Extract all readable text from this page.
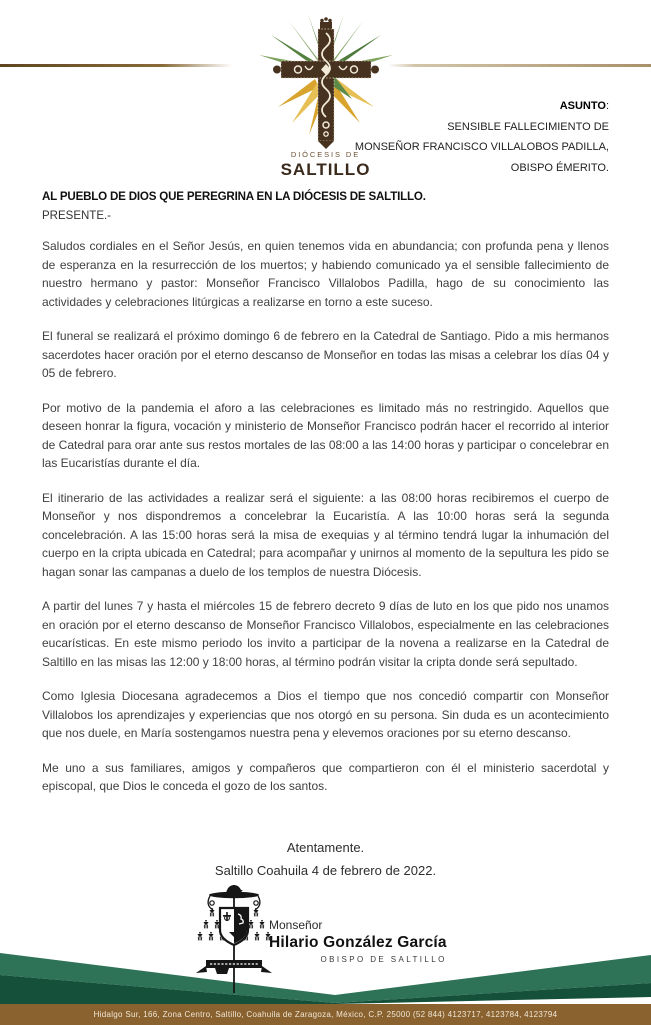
DIÓCESIS DE
SALTILLO
ASUNTO:
SENSIBLE FALLECIMIENTO DE
MONSEÑOR FRANCISCO VILLALOBOS PADILLA,
OBISPO ÉMERITO.
AL PUEBLO DE DIOS QUE PEREGRINA EN LA DIÓCESIS DE SALTILLO.
PRESENTE.-

Saludos cordiales en el Señor Jesús, en quien tenemos vida en abundancia; con profunda pena y llenos de esperanza en la resurrección de los muertos; y habiendo comunicado ya el sensible fallecimiento de nuestro hermano y pastor: Monseñor Francisco Villalobos Padilla, hago de su conocimiento las actividades y celebraciones litúrgicas a realizarse en torno a este suceso.

El funeral se realizará el próximo domingo 6 de febrero en la Catedral de Santiago. Pido a mis hermanos sacerdotes hacer oración por el eterno descanso de Monseñor en todas las misas a celebrar los días 04 y 05 de febrero.

Por motivo de la pandemia el aforo a las celebraciones es limitado más no restringido. Aquellos que deseen honrar la figura, vocación y ministerio de Monseñor Francisco podrán hacer el recorrido al interior de Catedral para orar ante sus restos mortales de las 08:00 a las 14:00 horas y participar o concelebrar en las Eucaristías durante el día.

El itinerario de las actividades a realizar será el siguiente: a las 08:00 horas recibiremos el cuerpo de Monseñor y nos dispondremos a concelebrar la Eucaristía. A las 10:00 horas será la segunda concelebración. A las 15:00 horas será la misa de exequias y al término tendrá lugar la inhumación del cuerpo en la cripta ubicada en Catedral; para acompañar y unirnos al momento de la sepultura les pido se hagan sonar las campanas a duelo de los templos de nuestra Diócesis.

A partir del lunes 7 y hasta el miércoles 15 de febrero decreto 9 días de luto en los que pido nos unamos en oración por el eterno descanso de Monseñor Francisco Villalobos, especialmente en las celebraciones eucarísticas. En este mismo periodo los invito a participar de la novena a realizarse en la Catedral de Saltillo en las misas las 12:00 y 18:00 horas, al término podrán visitar la cripta donde será sepultado.

Como Iglesia Diocesana agradecemos a Dios el tiempo que nos concedió compartir con Monseñor Villalobos los aprendizajes y experiencias que nos otorgó en su persona. Sin duda es un acontecimiento que nos duele, en María sostengamos nuestra pena y elevemos oraciones por su eterno descanso.

Me uno a sus familiares, amigos y compañeros que compartieron con él el ministerio sacerdotal y episcopal, que Dios le conceda el gozo de los santos.

Atentamente.
Saltillo Coahuila 4 de febrero de 2022.
Monseñor
Hilario González García
OBISPO DE SALTILLO
Hidalgo Sur, 166, Zona Centro, Saltillo, Coahuila de Zaragoza, México, C.P. 25000 (52 844) 4123717, 4123784, 4123794
